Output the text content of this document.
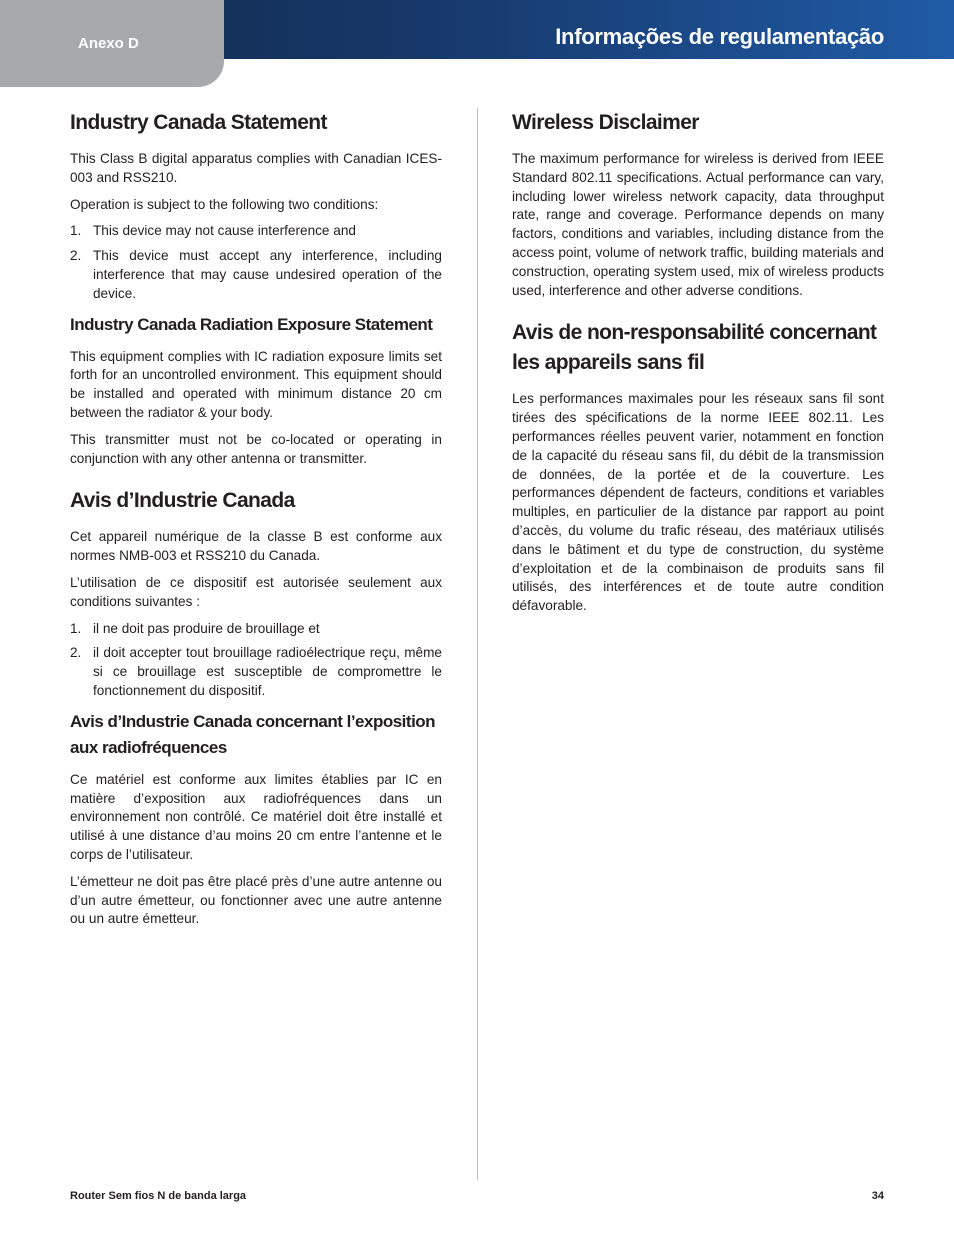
Anexo D	Informações de regulamentação
Industry Canada Statement

This Class B digital apparatus complies with Canadian ICES-003 and RSS210.

Operation is subject to the following two conditions:

1. This device may not cause interference and
2. This device must accept any interference, including interference that may cause undesired operation of the device.
Industry Canada Radiation Exposure Statement

This equipment complies with IC radiation exposure limits set forth for an uncontrolled environment. This equipment should be installed and operated with minimum distance 20 cm between the radiator & your body.

This transmitter must not be co-located or operating in conjunction with any other antenna or transmitter.

Avis d’Industrie Canada

Cet appareil numérique de la classe B est conforme aux normes NMB-003 et RSS210 du Canada.

L’utilisation de ce dispositif est autorisée seulement aux conditions suivantes :

1. il ne doit pas produire de brouillage et
2. il doit accepter tout brouillage radioélectrique reçu, même si ce brouillage est susceptible de compromettre le fonctionnement du dispositif.
Avis d’Industrie Canada concernant l’exposition aux radiofréquences

Ce matériel est conforme aux limites établies par IC en matière d’exposition aux radiofréquences dans un environnement non contrôlé. Ce matériel doit être installé et utilisé à une distance d’au moins 20 cm entre l’antenne et le corps de l’utilisateur.

L’émetteur ne doit pas être placé près d’une autre antenne ou d’un autre émetteur, ou fonctionner avec une autre antenne ou un autre émetteur.

Wireless Disclaimer

The maximum performance for wireless is derived from IEEE Standard 802.11 specifications. Actual performance can vary, including lower wireless network capacity, data throughput rate, range and coverage. Performance depends on many factors, conditions and variables, including distance from the access point, volume of network traffic, building materials and construction, operating system used, mix of wireless products used, interference and other adverse conditions.

Avis de non-responsabilité concernant les appareils sans fil

Les performances maximales pour les réseaux sans fil sont tirées des spécifications de la norme IEEE 802.11. Les performances réelles peuvent varier, notamment en fonction de la capacité du réseau sans fil, du débit de la transmission de données, de la portée et de la couverture. Les performances dépendent de facteurs, conditions et variables multiples, en particulier de la distance par rapport au point d’accès, du volume du trafic réseau, des matériaux utilisés dans le bâtiment et du type de construction, du système d’exploitation et de la combinaison de produits sans fil utilisés, des interférences et de toute autre condition défavorable.

Router Sem fios N de banda larga	34
